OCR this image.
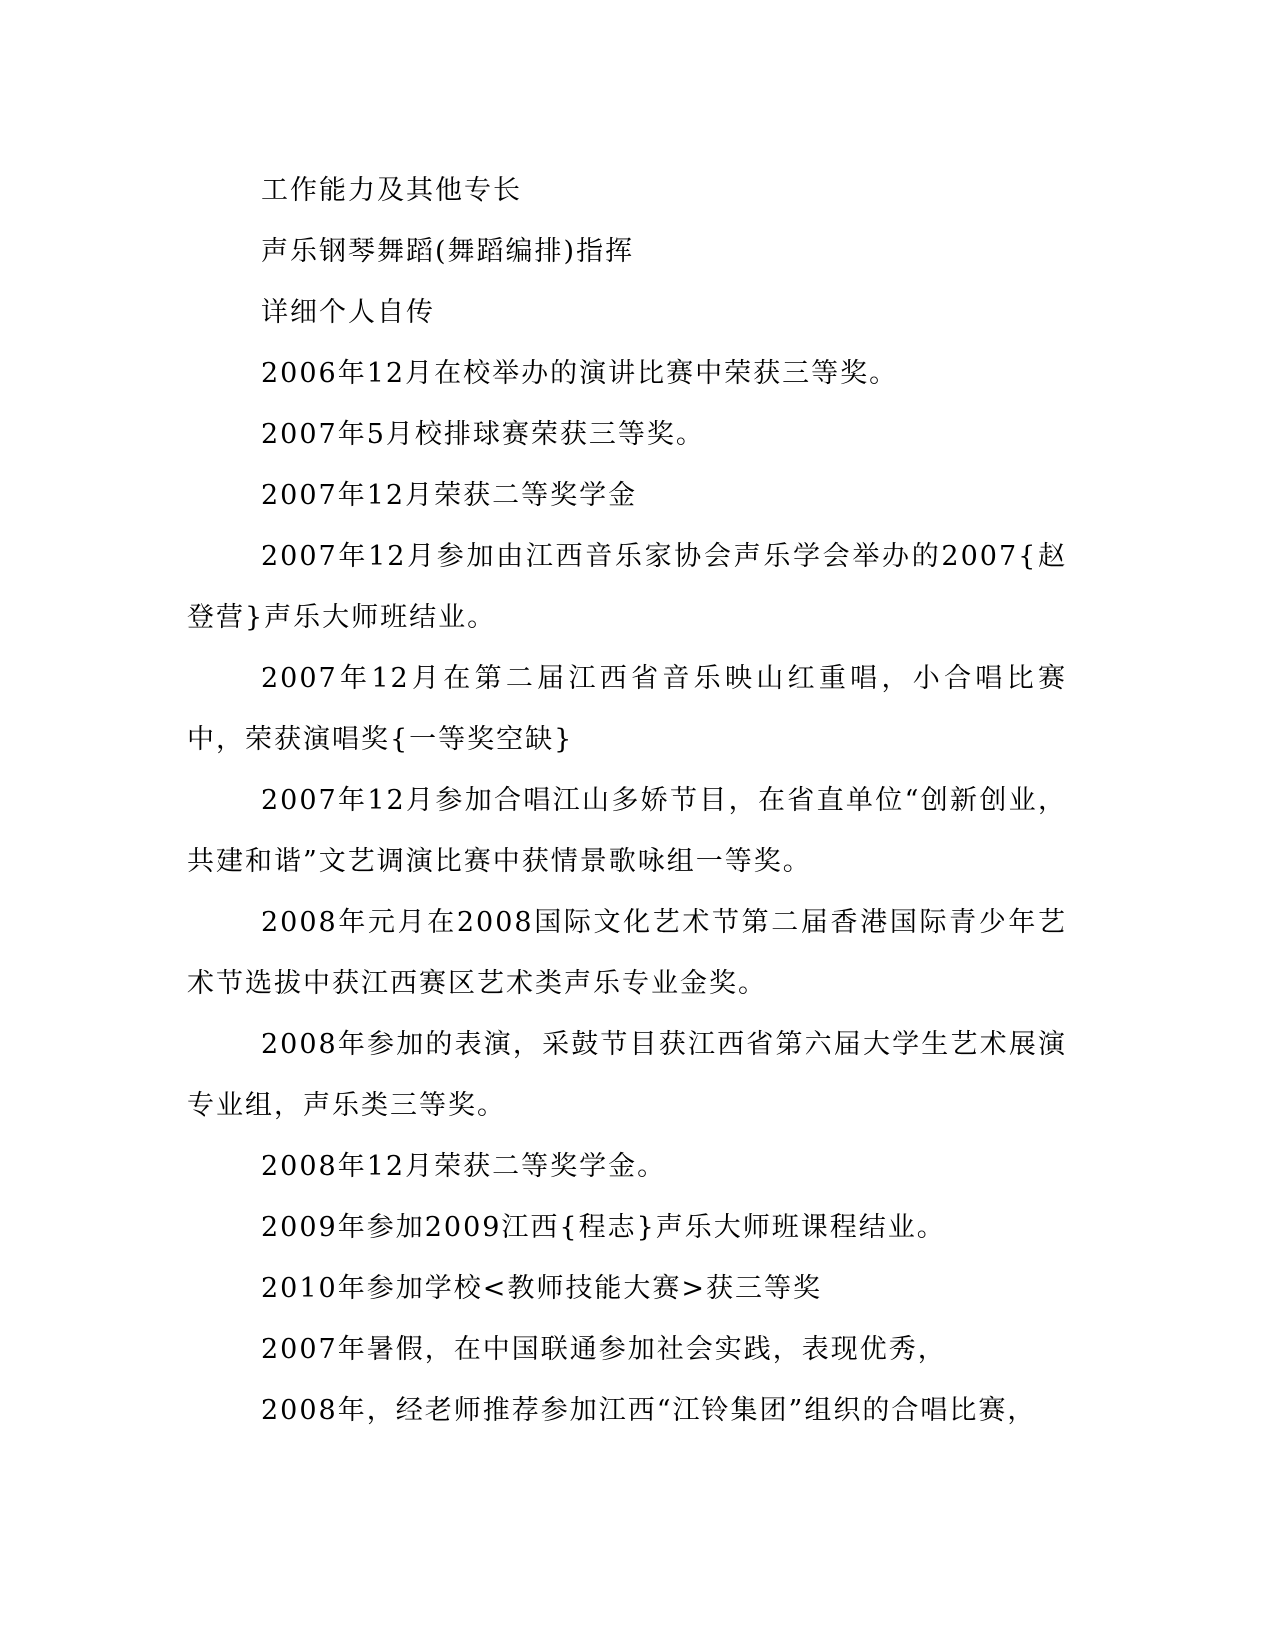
工作能力及其他专长

声乐钢琴舞蹈(舞蹈编排)指挥

详细个人自传

2006年12月在校举办的演讲比赛中荣获三等奖。

2007年5月校排球赛荣获三等奖。

2007年12月荣获二等奖学金

2007年12月参加由江西音乐家协会声乐学会举办的2007{赵登营}声乐大师班结业。

2007年12月在第二届江西省音乐映山红重唱，小合唱比赛中，荣获演唱奖{一等奖空缺}

2007年12月参加合唱江山多娇节目，在省直单位“创新创业，共建和谐”文艺调演比赛中获情景歌咏组一等奖。

2008年元月在2008国际文化艺术节第二届香港国际青少年艺术节选拔中获江西赛区艺术类声乐专业金奖。

2008年参加的表演，采鼓节目获江西省第六届大学生艺术展演专业组，声乐类三等奖。

2008年12月荣获二等奖学金。

2009年参加2009江西{程志}声乐大师班课程结业。

2010年参加学校<教师技能大赛>获三等奖

2007年暑假，在中国联通参加社会实践，表现优秀，

2008年，经老师推荐参加江西“江铃集团”组织的合唱比赛，
